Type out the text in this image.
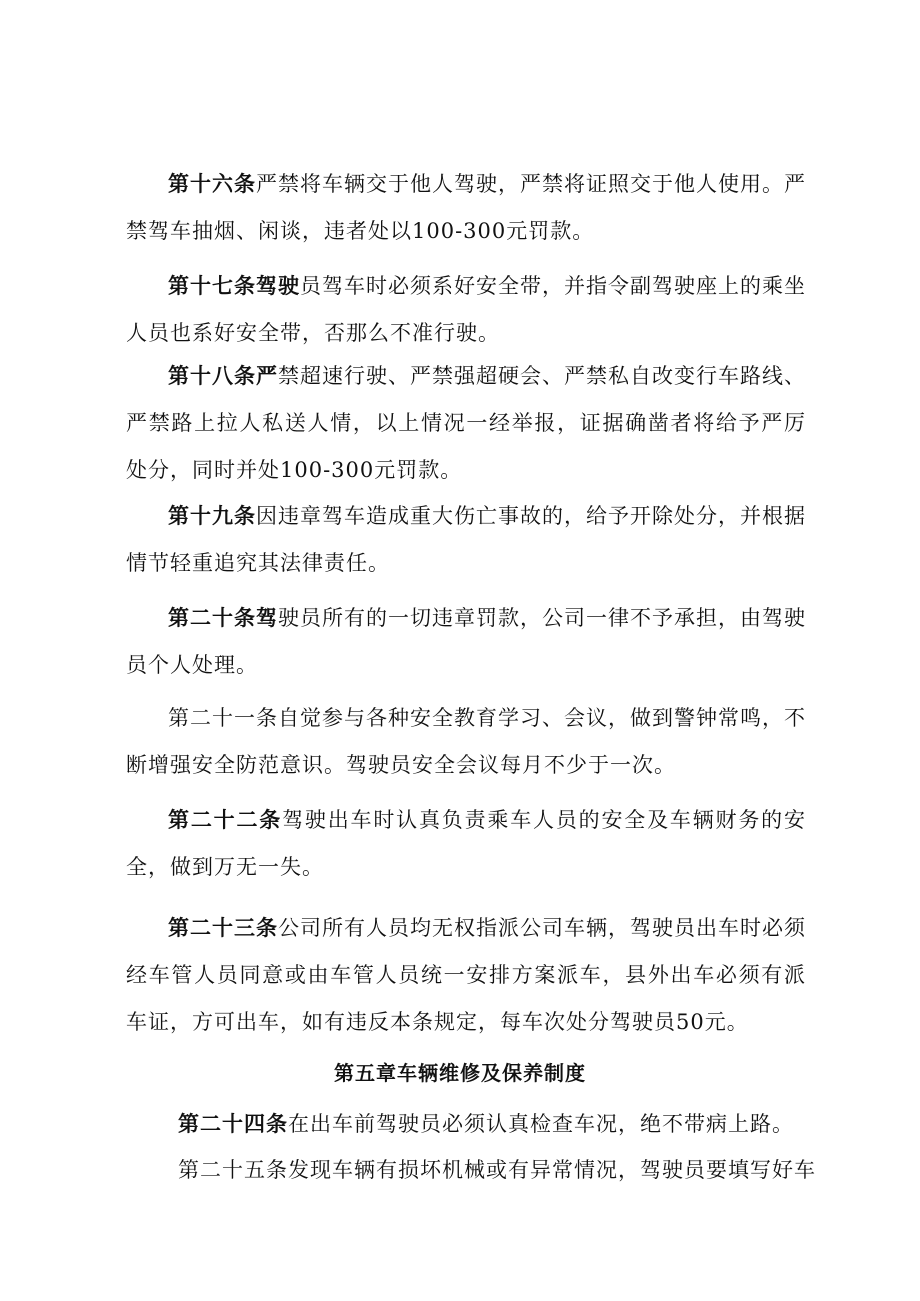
第十六条严禁将车辆交于他人驾驶，严禁将证照交于他人使用。严禁驾车抽烟、闲谈，违者处以100-300元罚款。

第十七条驾驶员驾车时必须系好安全带，并指令副驾驶座上的乘坐人员也系好安全带，否那么不准行驶。

第十八条严禁超速行驶、严禁强超硬会、严禁私自改变行车路线、严禁路上拉人私送人情，以上情况一经举报，证据确凿者将给予严厉处分，同时并处100-300元罚款。

第十九条因违章驾车造成重大伤亡事故的，给予开除处分，并根据情节轻重追究其法律责任。

第二十条驾驶员所有的一切违章罚款，公司一律不予承担，由驾驶员个人处理。

第二十一条自觉参与各种安全教育学习、会议，做到警钟常鸣，不断增强安全防范意识。驾驶员安全会议每月不少于一次。

第二十二条驾驶出车时认真负责乘车人员的安全及车辆财务的安全，做到万无一失。

第二十三条公司所有人员均无权指派公司车辆，驾驶员出车时必须经车管人员同意或由车管人员统一安排方案派车，县外出车必须有派车证，方可出车，如有违反本条规定，每车次处分驾驶员50元。

第五章车辆维修及保养制度

第二十四条在出车前驾驶员必须认真检查车况，绝不带病上路。

第二十五条发现车辆有损坏机械或有异常情况，驾驶员要填写好车
